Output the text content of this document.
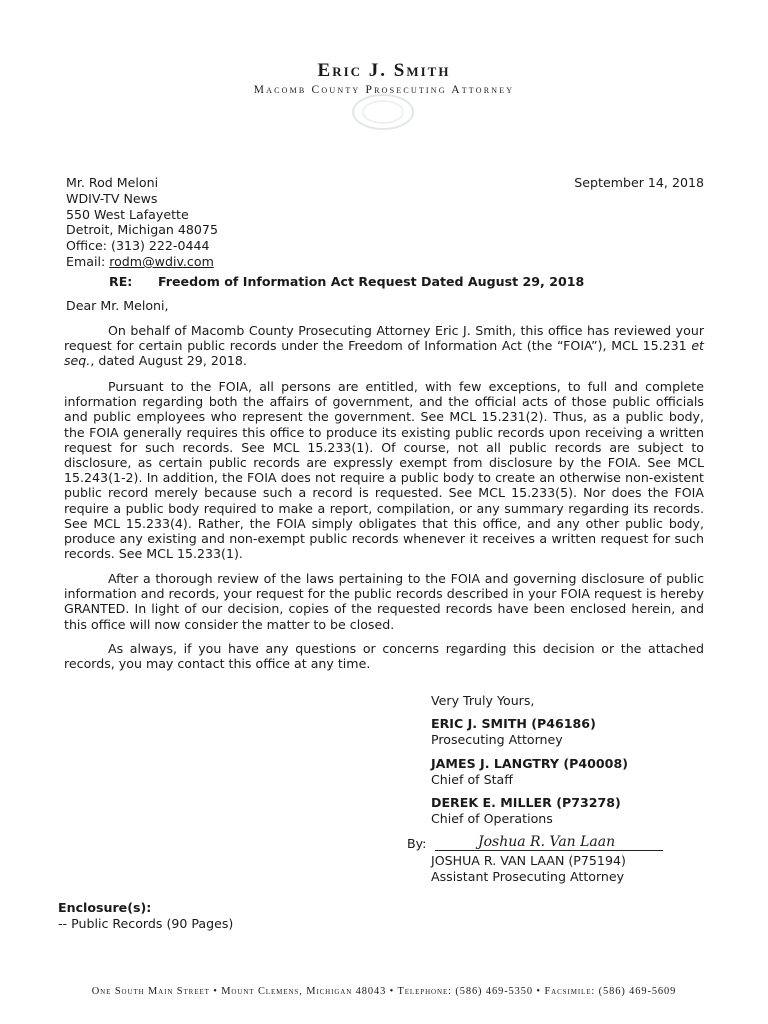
Eric J. Smith
Macomb County Prosecuting Attorney
Mr. Rod Meloni
WDIV-TV News
550 West Lafayette
Detroit, Michigan 48075
Office: (313) 222-0444
Email: rodm@wdiv.com
September 14, 2018
RE: Freedom of Information Act Request Dated August 29, 2018
Dear Mr. Meloni,
On behalf of Macomb County Prosecuting Attorney Eric J. Smith, this office has reviewed your request for certain public records under the Freedom of Information Act (the “FOIA”), MCL 15.231 et seq., dated August 29, 2018.
Pursuant to the FOIA, all persons are entitled, with few exceptions, to full and complete information regarding both the affairs of government, and the official acts of those public officials and public employees who represent the government. See MCL 15.231(2). Thus, as a public body, the FOIA generally requires this office to produce its existing public records upon receiving a written request for such records. See MCL 15.233(1). Of course, not all public records are subject to disclosure, as certain public records are expressly exempt from disclosure by the FOIA. See MCL 15.243(1-2). In addition, the FOIA does not require a public body to create an otherwise non-existent public record merely because such a record is requested. See MCL 15.233(5). Nor does the FOIA require a public body required to make a report, compilation, or any summary regarding its records. See MCL 15.233(4). Rather, the FOIA simply obligates that this office, and any other public body, produce any existing and non-exempt public records whenever it receives a written request for such records. See MCL 15.233(1).
After a thorough review of the laws pertaining to the FOIA and governing disclosure of public information and records, your request for the public records described in your FOIA request is hereby GRANTED. In light of our decision, copies of the requested records have been enclosed herein, and this office will now consider the matter to be closed.
As always, if you have any questions or concerns regarding this decision or the attached records, you may contact this office at any time.
Very Truly Yours,
ERIC J. SMITH (P46186)
Prosecuting Attorney
JAMES J. LANGTRY (P40008)
Chief of Staff
DEREK E. MILLER (P73278)
Chief of Operations
By:	Joshua R. Van Laan
JOSHUA R. VAN LAAN (P75194)
Assistant Prosecuting Attorney
Enclosure(s):
-- Public Records (90 Pages)
One South Main Street • Mount Clemens, Michigan 48043 • Telephone: (586) 469-5350 • Facsimile: (586) 469-5609
